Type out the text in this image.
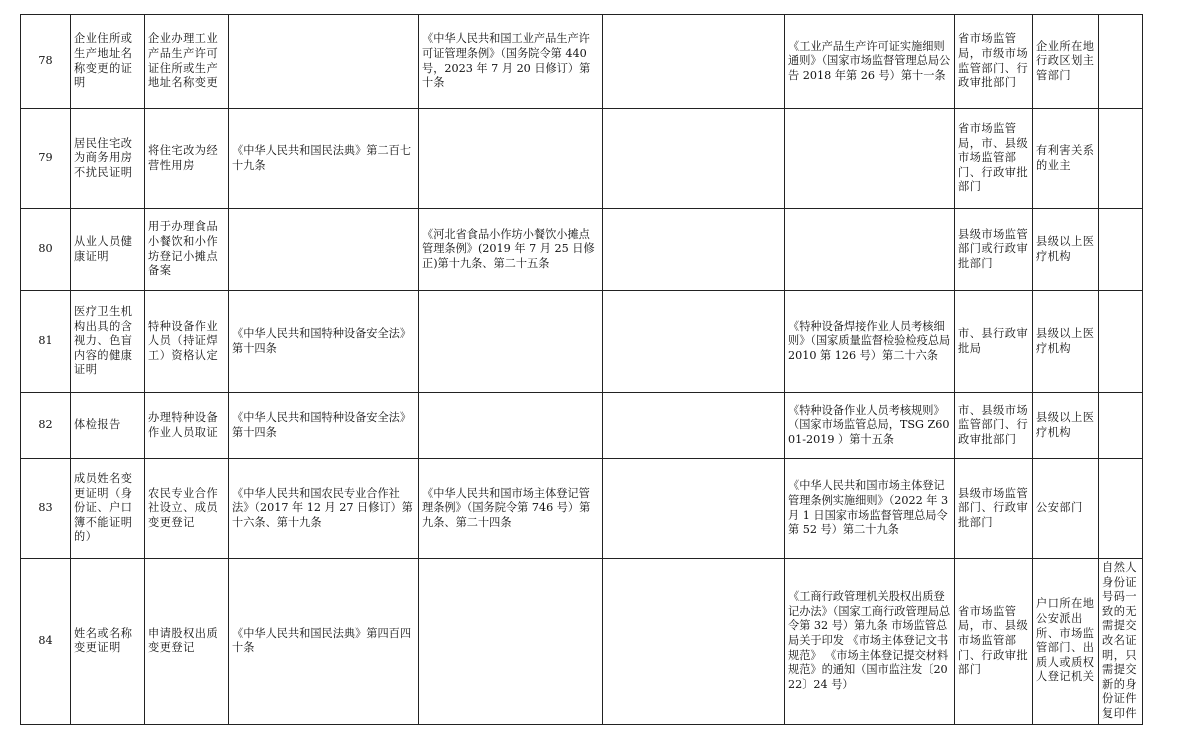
78	企业住所或生产地址名称变更的证明	企业办理工业产品生产许可证住所或生产地址名称变更		《中华人民共和国工业产品生产许可证管理条例》（国务院令第 440 号，2023 年 7 月 20 日修订）第十条		《工业产品生产许可证实施细则通则》（国家市场监督管理总局公告 2018 年第 26 号）第十一条	省市场监管局，市级市场监管部门、行政审批部门	企业所在地行政区划主管部门	
79	居民住宅改为商务用房不扰民证明	将住宅改为经营性用房	《中华人民共和国民法典》第二百七十九条				省市场监管局，市、县级市场监管部门、行政审批部门	有利害关系的业主	
80	从业人员健康证明	用于办理食品小餐饮和小作坊登记小摊点备案		《河北省食品小作坊小餐饮小摊点管理条例》(2019 年 7 月 25 日修正)第十九条、第二十五条			县级市场监管部门或行政审批部门	县级以上医疗机构	
81	医疗卫生机构出具的含视力、色盲内容的健康证明	特种设备作业人员（持证焊工）资格认定	《中华人民共和国特种设备安全法》第十四条			《特种设备焊接作业人员考核细则》（国家质量监督检验检疫总局 2010 第 126 号）第二十六条	市、县行政审批局	县级以上医疗机构	
82	体检报告	办理特种设备作业人员取证	《中华人民共和国特种设备安全法》第十四条			《特种设备作业人员考核规则》（国家市场监管总局，TSG Z6001-2019 ）第十五条	市、县级市场监管部门、行政审批部门	县级以上医疗机构	
83	成员姓名变更证明（身份证、户口簿不能证明的）	农民专业合作社设立、成员变更登记	《中华人民共和国农民专业合作社法》（2017 年 12 月 27 日修订）第十六条、第十九条	《中华人民共和国市场主体登记管理条例》（国务院令第 746 号）第九条、第二十四条		《中华人民共和国市场主体登记管理条例实施细则》（2022 年 3 月 1 日国家市场监督管理总局令第 52 号）第二十九条	县级市场监管部门、行政审批部门	公安部门	
84	姓名或名称变更证明	申请股权出质变更登记	《中华人民共和国民法典》第四百四十条			《工商行政管理机关股权出质登记办法》（国家工商行政管理局总令第 32 号）第九条 市场监管总局关于印发 《市场主体登记文书规范》 《市场主体登记提交材料规范》的通知（国市监注发〔2022〕24 号）	省市场监管局，市、县级市场监管部门、行政审批部门	户口所在地公安派出所、市场监管部门、出质人或质权人登记机关	自然人身份证号码一致的无需提交改名证明，只需提交新的身份证件复印件
